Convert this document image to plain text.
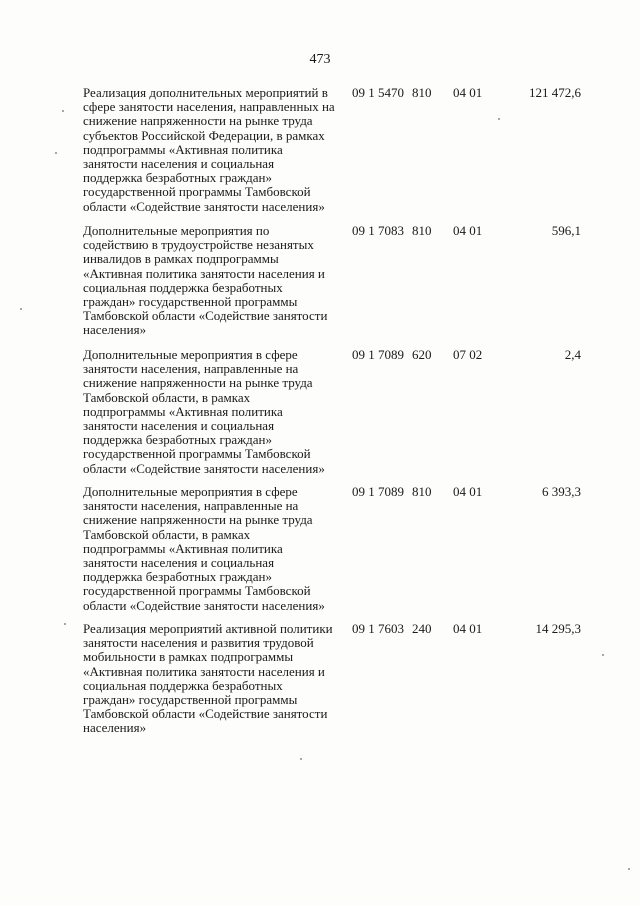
473
Реализация дополнительных мероприятий в
сфере занятости населения, направленных на
снижение напряженности на рынке труда
субъектов Российской Федерации, в рамках
подпрограммы «Активная политика
занятости населения и социальная
поддержка безработных граждан»
государственной программы Тамбовской
области «Содействие занятости населения»
09 1 5470 810 04 01	121 472,6
Дополнительные мероприятия по
содействию в трудоустройстве незанятых
инвалидов в рамках подпрограммы
«Активная политика занятости населения и
социальная поддержка безработных
граждан» государственной программы
Тамбовской области «Содействие занятости
населения»
09 1 7083 810 04 01	596,1
Дополнительные мероприятия в сфере
занятости населения, направленные на
снижение напряженности на рынке труда
Тамбовской области, в рамках
подпрограммы «Активная политика
занятости населения и социальная
поддержка безработных граждан»
государственной программы Тамбовской
области «Содействие занятости населения»
09 1 7089 620 07 02	2,4
Дополнительные мероприятия в сфере
занятости населения, направленные на
снижение напряженности на рынке труда
Тамбовской области, в рамках
подпрограммы «Активная политика
занятости населения и социальная
поддержка безработных граждан»
государственной программы Тамбовской
области «Содействие занятости населения»
09 1 7089 810 04 01	6 393,3
Реализация мероприятий активной политики
занятости населения и развития трудовой
мобильности в рамках подпрограммы
«Активная политика занятости населения и
социальная поддержка безработных
граждан» государственной программы
Тамбовской области «Содействие занятости
населения»
09 1 7603 240 04 01	14 295,3
